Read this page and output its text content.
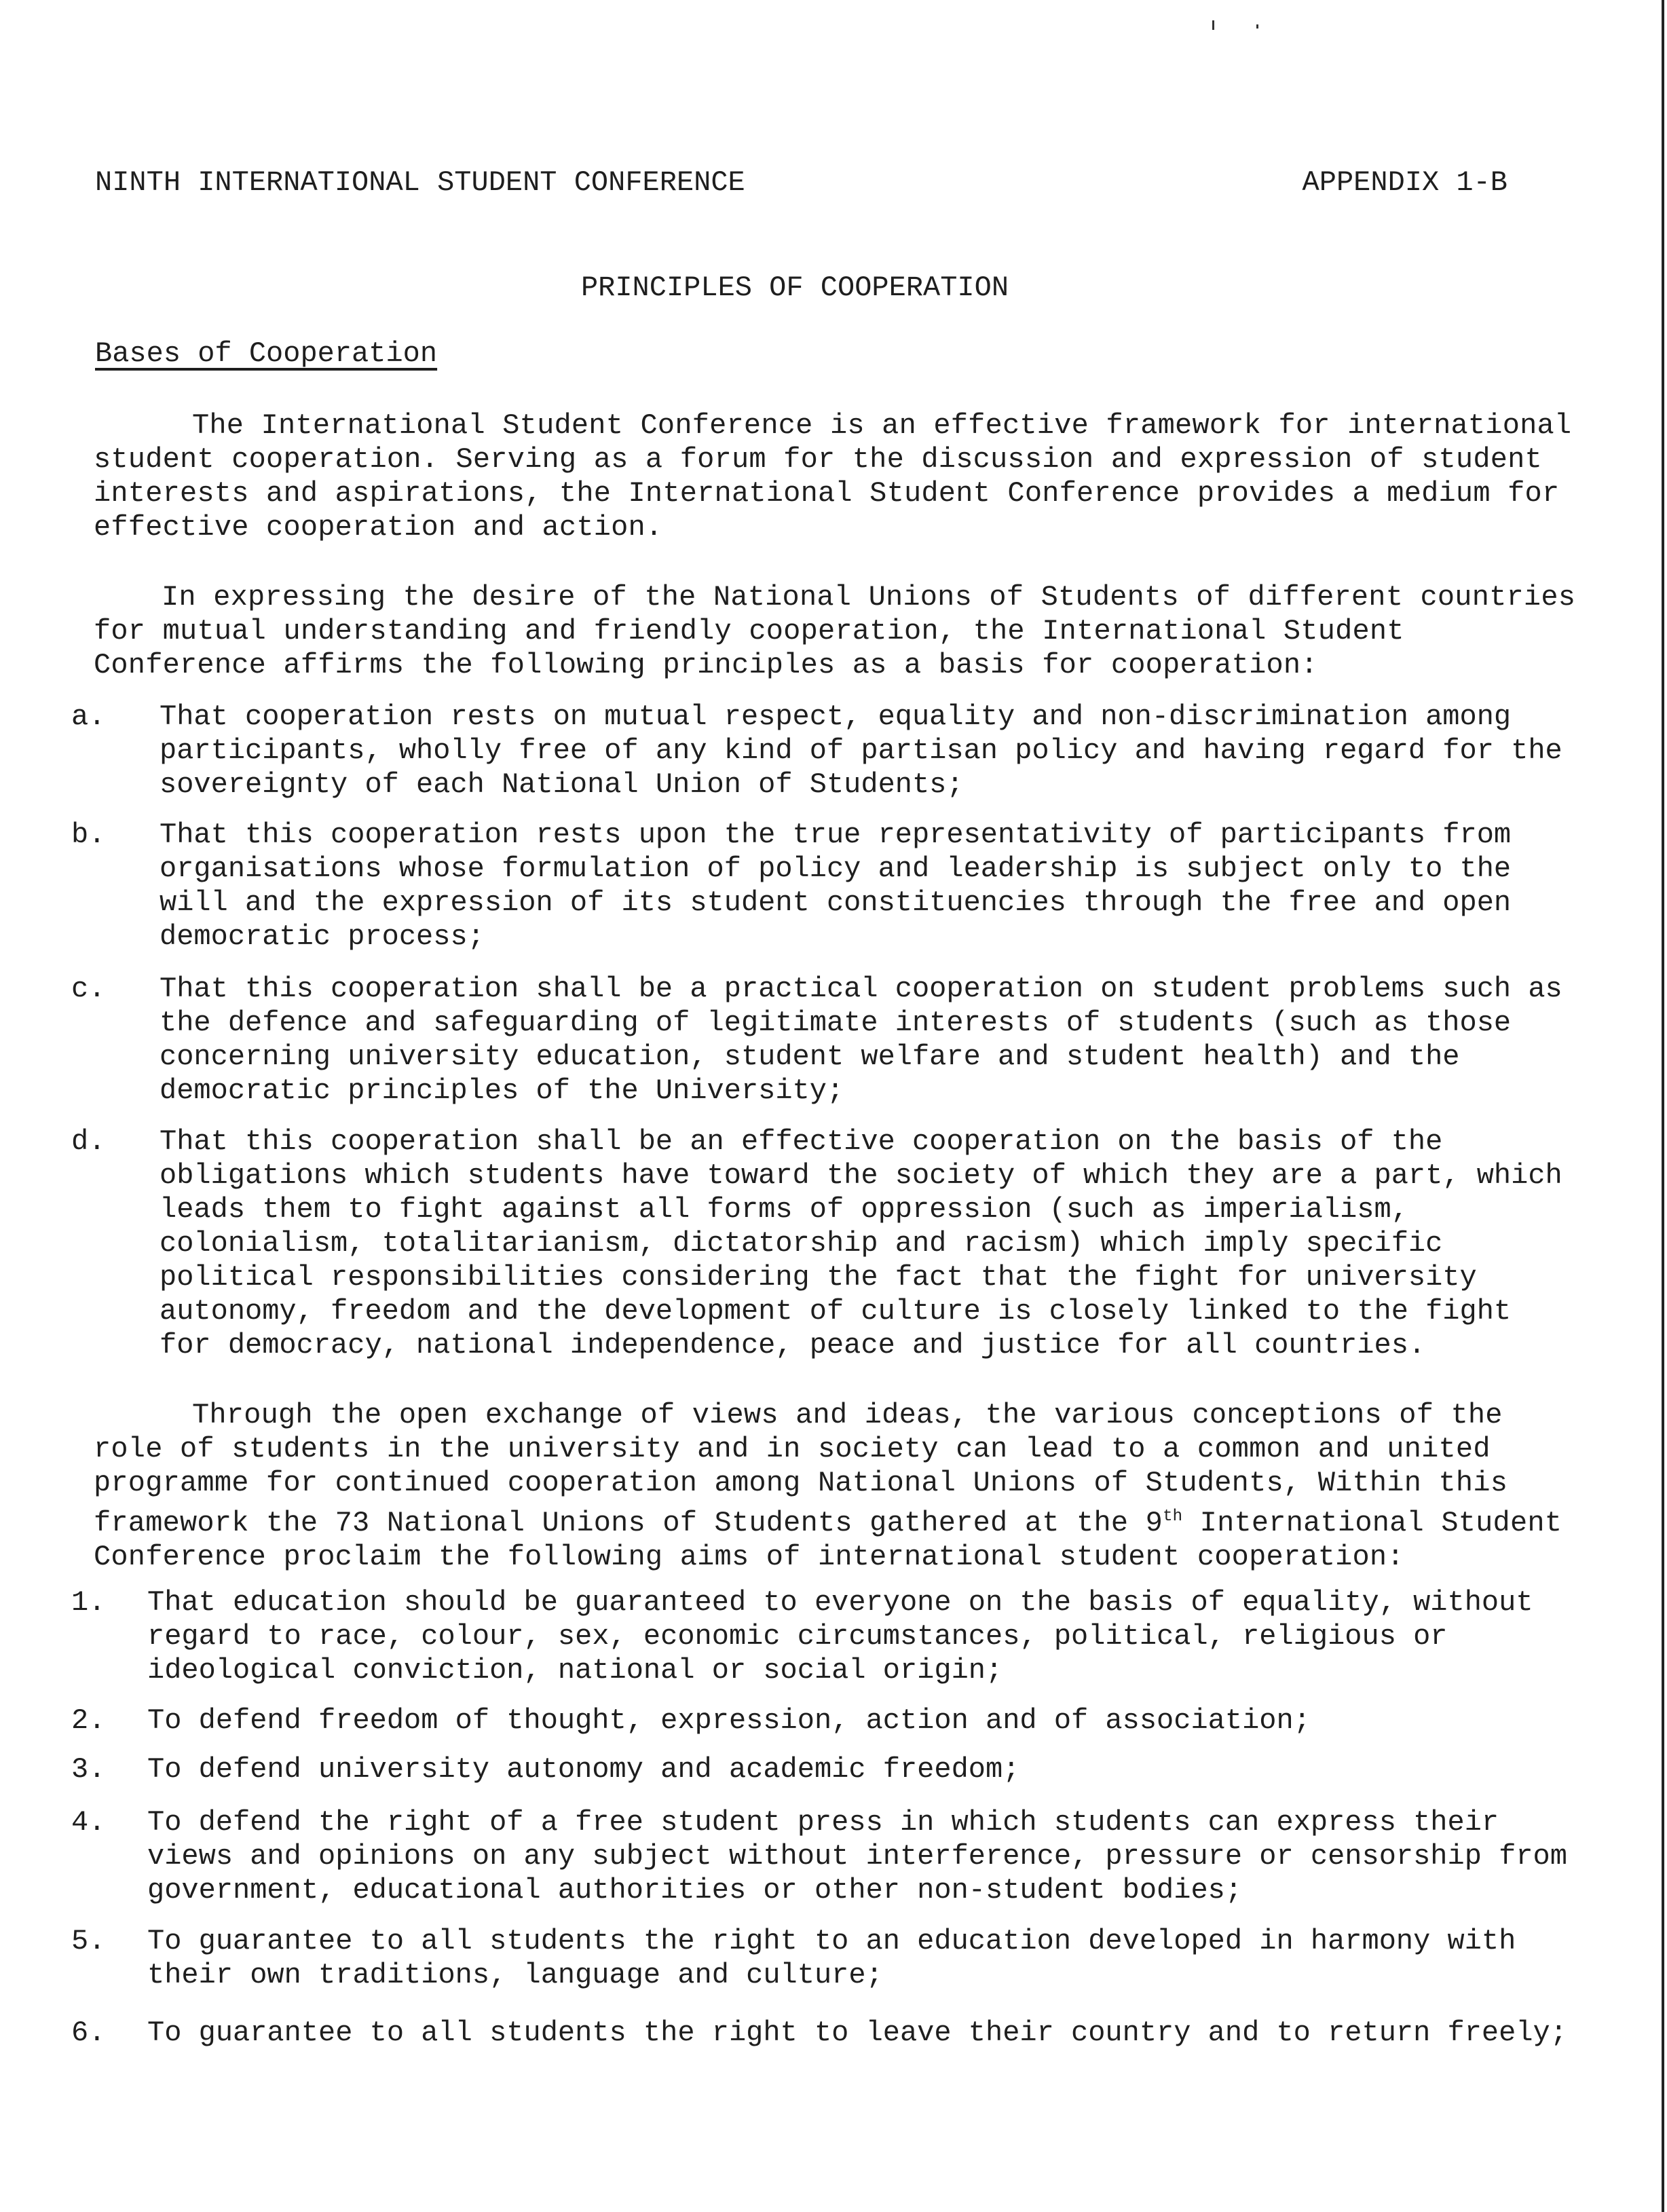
NINTH INTERNATIONAL STUDENT CONFERENCE	APPENDIX 1-B
PRINCIPLES OF COOPERATION
Bases of Cooperation
The International Student Conference is an effective framework for international student cooperation. Serving as a forum for the discussion and expression of student interests and aspirations, the International Student Conference provides a medium for effective cooperation and action.
In expressing the desire of the National Unions of Students of different countries for mutual understanding and friendly cooperation, the International Student Conference affirms the following principles as a basis for cooperation:
a.	That cooperation rests on mutual respect, equality and non-discrimination among participants, wholly free of any kind of partisan policy and having regard for the sovereignty of each National Union of Students;
b.	That this cooperation rests upon the true representativity of participants from organisations whose formulation of policy and leadership is subject only to the will and the expression of its student constituencies through the free and open democratic process;
c.	That this cooperation shall be a practical cooperation on student problems such as the defence and safeguarding of legitimate interests of students (such as those concerning university education, student welfare and student health) and the democratic principles of the University;
d.	That this cooperation shall be an effective cooperation on the basis of the obligations which students have toward the society of which they are a part, which leads them to fight against all forms of oppression (such as imperialism, colonialism, totalitarianism, dictatorship and racism) which imply specific political responsibilities considering the fact that the fight for university autonomy, freedom and the development of culture is closely linked to the fight for democracy, national independence, peace and justice for all countries.
Through the open exchange of views and ideas, the various conceptions of the role of students in the university and in society can lead to a common and united programme for continued cooperation among National Unions of Students, Within this framework the 73 National Unions of Students gathered at the 9th International Student Conference proclaim the following aims of international student cooperation:
1.	That education should be guaranteed to everyone on the basis of equality, without regard to race, colour, sex, economic circumstances, political, religious or ideological conviction, national or social origin;
2.	To defend freedom of thought, expression, action and of association;
3.	To defend university autonomy and academic freedom;
4.	To defend the right of a free student press in which students can express their views and opinions on any subject without interference, pressure or censorship from government, educational authorities or other non-student bodies;
5.	To guarantee to all students the right to an education developed in harmony with their own traditions, language and culture;
6.	To guarantee to all students the right to leave their country and to return freely;
